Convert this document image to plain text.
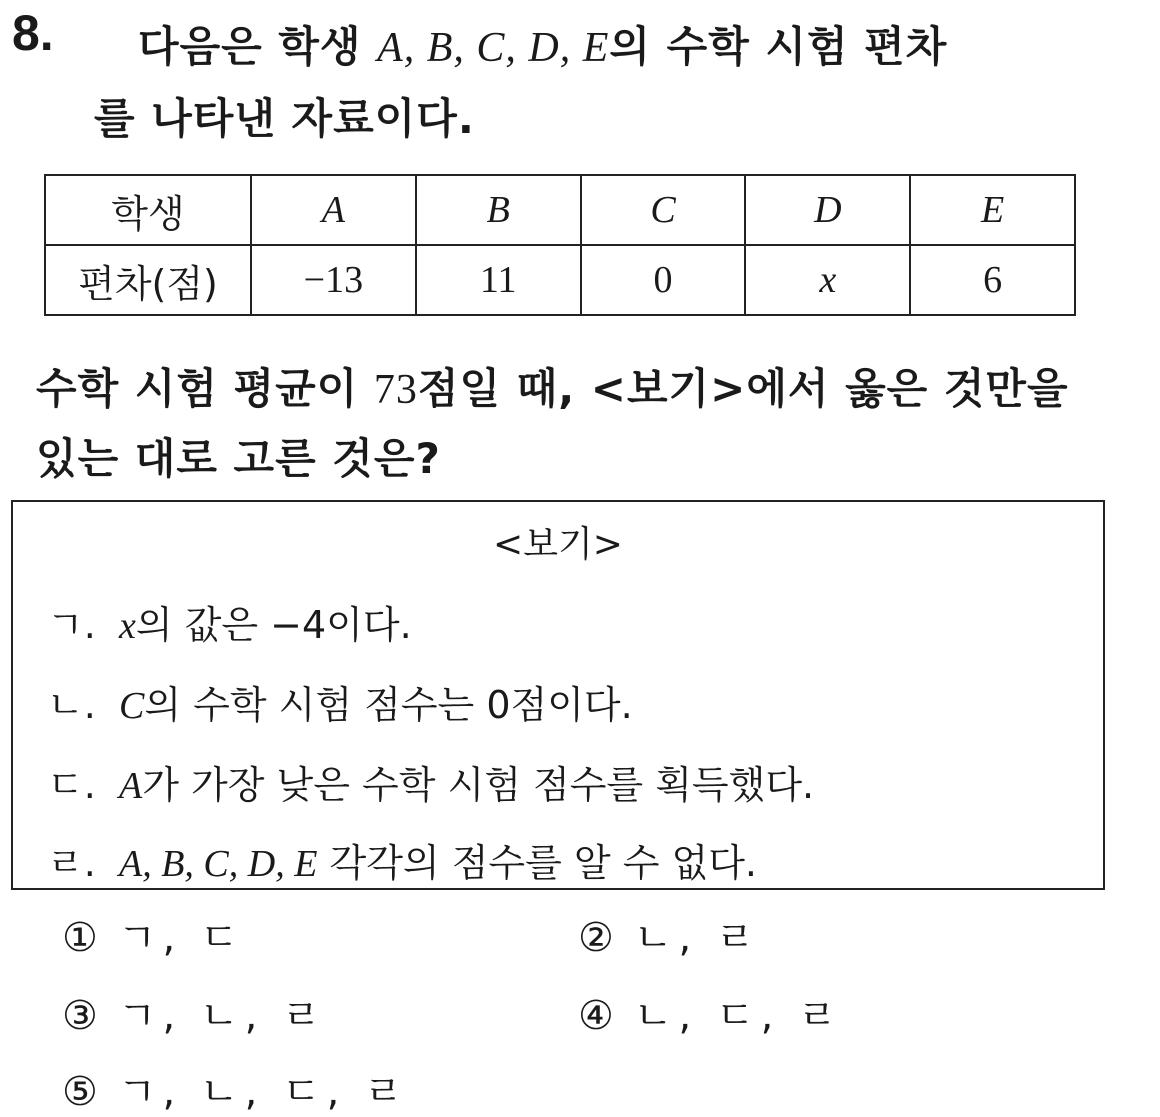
8. 다음은 학생 A, B, C, D, E의 수학 시험 편차
를 나타낸 자료이다.
학생	A	B	C	D	E
편차(점)	−13	11	0	x	6
수학 시험 평균이 73점일 때, <보기>에서 옳은 것만을
있는 대로 고른 것은?
<보기>
ㄱ. x의 값은 −4이다.
ㄴ. C의 수학 시험 점수는 0점이다.
ㄷ. A가 가장 낮은 수학 시험 점수를 획득했다.
ㄹ. A, B, C, D, E 각각의 점수를 알 수 없다.
① ㄱ, ㄷ	② ㄴ, ㄹ
③ ㄱ, ㄴ, ㄹ	④ ㄴ, ㄷ, ㄹ
⑤ ㄱ, ㄴ, ㄷ, ㄹ
